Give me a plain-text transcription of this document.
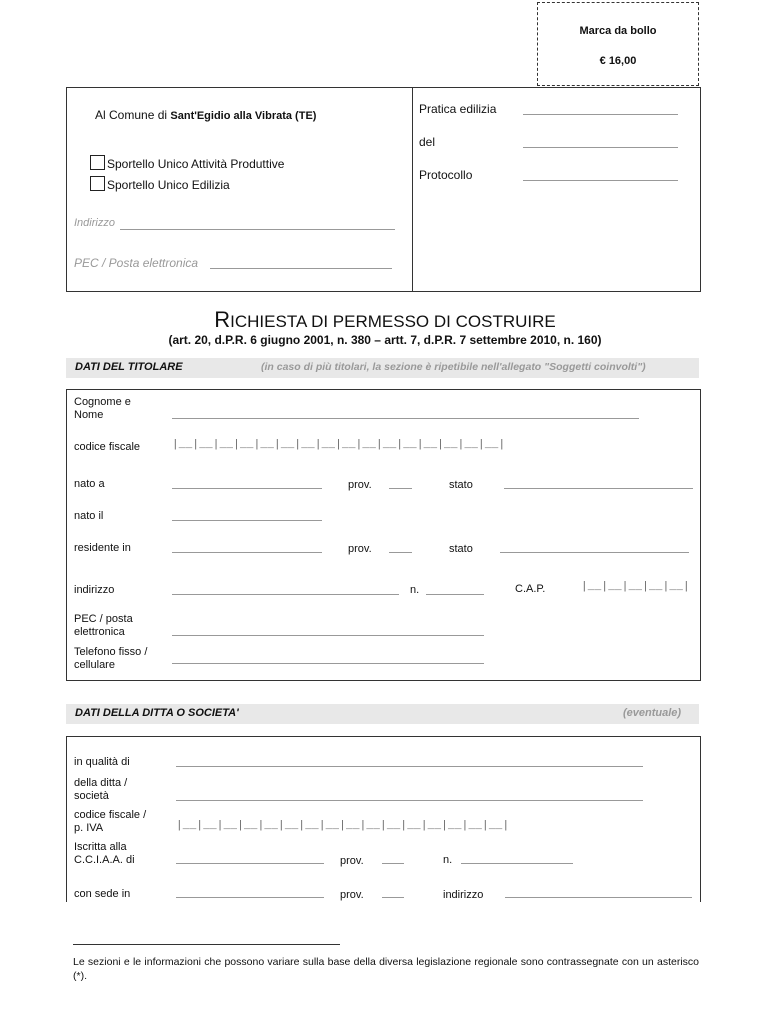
Marca da bollo
€ 16,00
Al Comune di Sant'Egidio alla Vibrata (TE)
Sportello Unico Attività Produttive
Sportello Unico Edilizia
Indirizzo
PEC / Posta elettronica
Pratica edilizia
del
Protocollo
RICHIESTA DI PERMESSO DI COSTRUIRE
(art. 20, d.P.R. 6 giugno 2001, n. 380 – artt. 7, d.P.R. 7 settembre 2010, n. 160)
DATI DEL TITOLARE	(in caso di più titolari, la sezione è ripetibile nell'allegato "Soggetti coinvolti")
Cognome e
Nome
codice fiscale	|__|__|__|__|__|__|__|__|__|__|__|__|__|__|__|__|
nato a	prov.	stato
nato il
residente in	prov.	stato
indirizzo	n.	C.A.P.	|__|__|__|__|__|
PEC / posta
elettronica
Telefono fisso /
cellulare
DATI DELLA DITTA O SOCIETA'	(eventuale)
in qualità di
della ditta /
società
codice fiscale /
p. IVA	|__|__|__|__|__|__|__|__|__|__|__|__|__|__|__|__|
Iscritta alla
C.C.I.A.A. di	prov.	n.
con sede in	prov.	indirizzo
Le sezioni e le informazioni che possono variare sulla base della diversa legislazione regionale sono contrassegnate con un asterisco (*).
